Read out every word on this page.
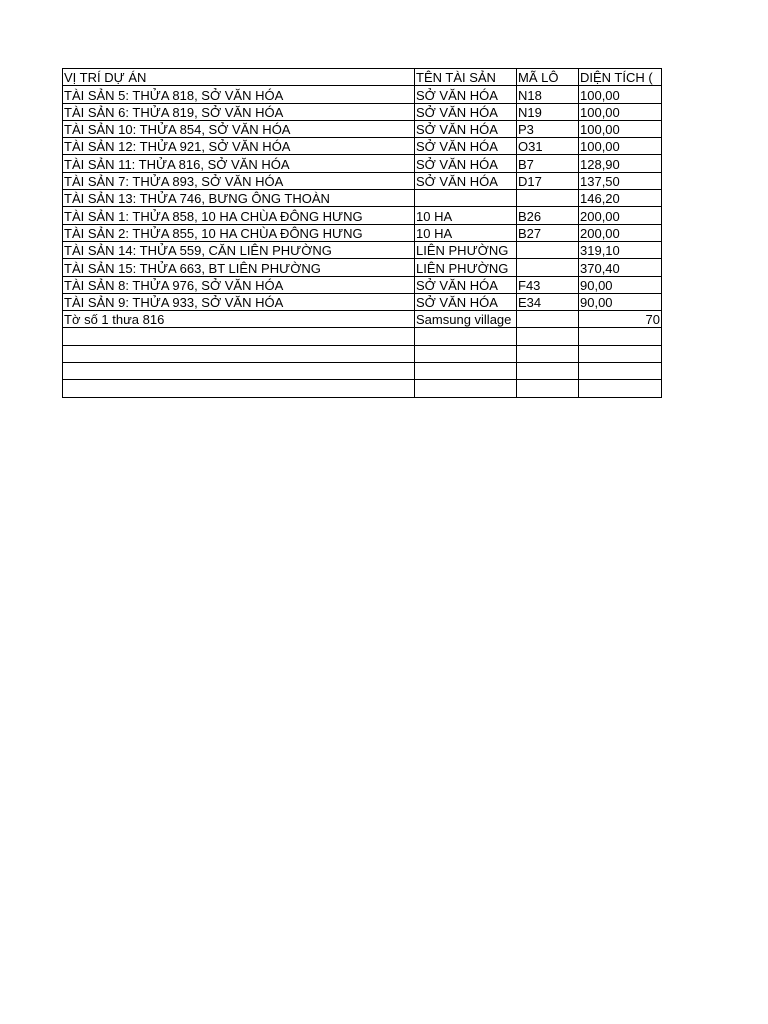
VỊ TRÍ DỰ ÁN	TÊN TÀI SẢN	MÃ LÔ	DIỆN TÍCH (
TÀI SẢN 5: THỬA 818, SỞ VĂN HÓA	SỞ VĂN HÓA	N18	100,00
TÀI SẢN 6: THỬA 819, SỞ VĂN HÓA	SỞ VĂN HÓA	N19	100,00
TÀI SẢN 10: THỬA 854, SỞ VĂN HÓA	SỞ VĂN HÓA	P3	100,00
TÀI SẢN 12: THỬA 921, SỞ VĂN HÓA	SỞ VĂN HÓA	O31	100,00
TÀI SẢN 11: THỬA 816, SỞ VĂN HÓA	SỞ VĂN HÓA	B7	128,90
TÀI SẢN 7: THỬA 893, SỞ VĂN HÓA	SỞ VĂN HÓA	D17	137,50
TÀI SẢN 13: THỬA 746, BƯNG ÔNG THOÀN			146,20
TÀI SẢN 1: THỬA 858, 10 HA CHÙA ĐÔNG HƯNG	10 HA	B26	200,00
TÀI SẢN 2: THỬA 855, 10 HA CHÙA ĐÔNG HƯNG	10 HA	B27	200,00
TÀI SẢN 14: THỬA 559, CĂN LIÊN PHƯỜNG	LIÊN PHƯỜNG		319,10
TÀI SẢN 15: THỬA 663, BT LIÊN PHƯỜNG	LIÊN PHƯỜNG		370,40
TÀI SẢN 8: THỬA 976, SỞ VĂN HÓA	SỞ VĂN HÓA	F43	90,00
TÀI SẢN 9: THỬA 933, SỞ VĂN HÓA	SỞ VĂN HÓA	E34	90,00
Tờ số 1 thưa 816	Samsung village		70
